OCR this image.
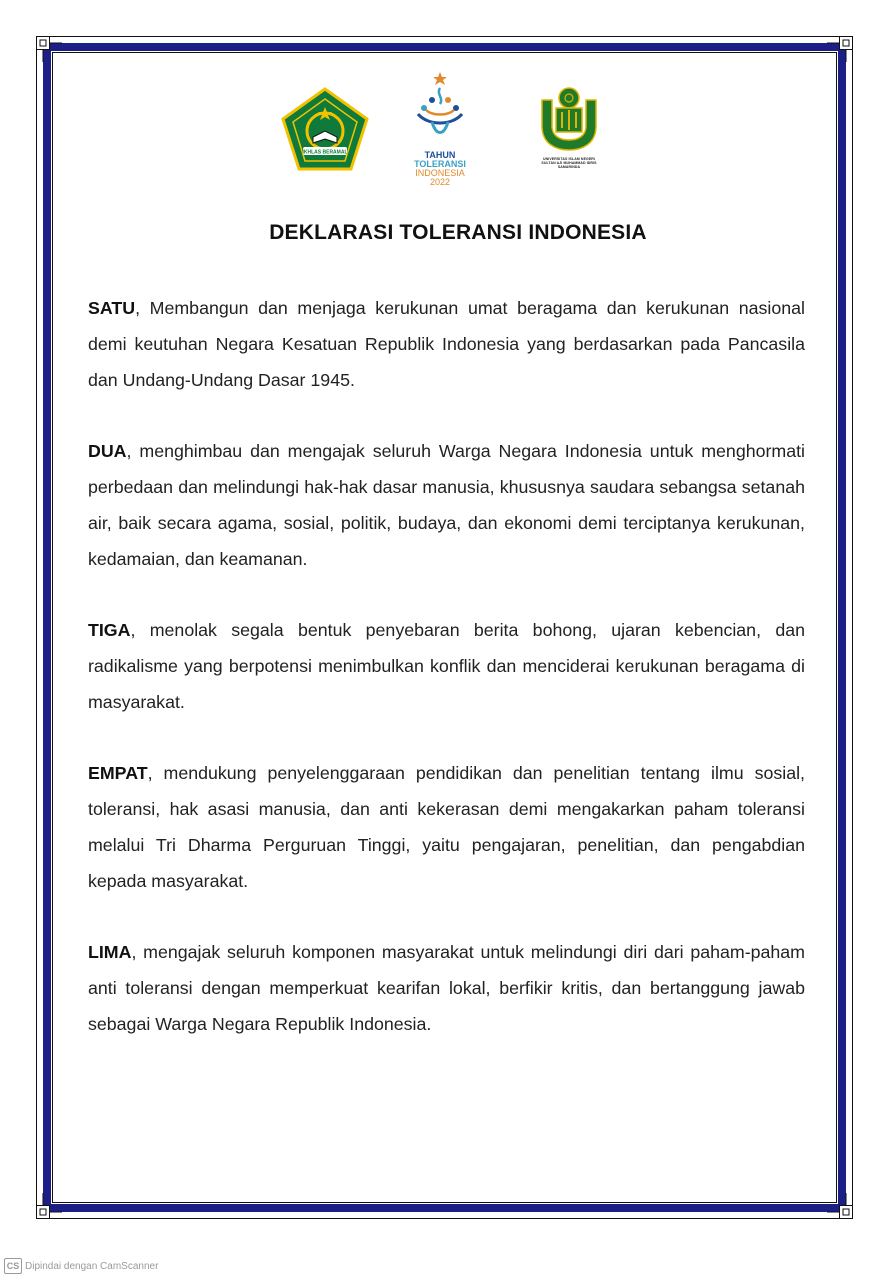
IKHLAS BERAMAL	TAHUN
TOLERANSI
INDONESIA
2022
UNIVERSITAS ISLAM NEGERI
SULTAN AJI MUHAMMAD IDRIS
SAMARINDA
DEKLARASI TOLERANSI INDONESIA

SATU, Membangun dan menjaga kerukunan umat beragama dan kerukunan nasional demi keutuhan Negara Kesatuan Republik Indonesia yang berdasarkan pada Pancasila dan Undang-Undang Dasar 1945.

DUA, menghimbau dan mengajak seluruh Warga Negara Indonesia untuk menghormati perbedaan dan melindungi hak-hak dasar manusia, khususnya saudara sebangsa setanah air, baik secara agama, sosial, politik, budaya, dan ekonomi demi terciptanya kerukunan, kedamaian, dan keamanan.

TIGA, menolak segala bentuk penyebaran berita bohong, ujaran kebencian, dan radikalisme yang berpotensi menimbulkan konflik dan menciderai kerukunan beragama di masyarakat.

EMPAT, mendukung penyelenggaraan pendidikan dan penelitian tentang ilmu sosial, toleransi, hak asasi manusia, dan anti kekerasan demi mengakarkan paham toleransi melalui Tri Dharma Perguruan Tinggi, yaitu pengajaran, penelitian, dan pengabdian kepada masyarakat.

LIMA, mengajak seluruh komponen masyarakat untuk melindungi diri dari paham-paham anti toleransi dengan memperkuat kearifan lokal, berfikir kritis, dan bertanggung jawab sebagai Warga Negara Republik Indonesia.

CS Dipindai dengan CamScanner
